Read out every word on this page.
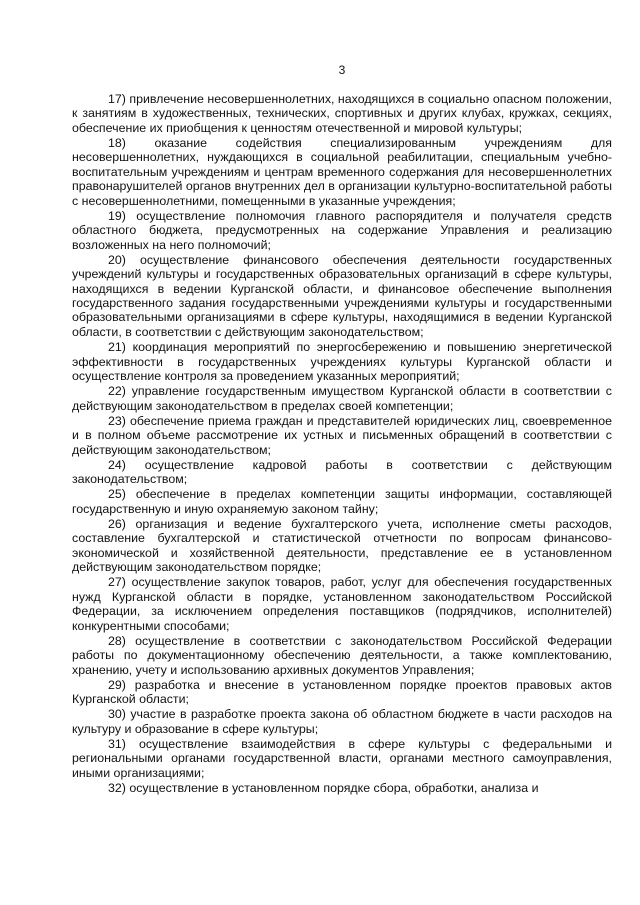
3

17) привлечение несовершеннолетних, находящихся в социально опасном положении, к занятиям в художественных, технических, спортивных и других клубах, кружках, секциях, обеспечение их приобщения к ценностям отечественной и мировой культуры;

18) оказание содействия специализированным учреждениям для несовершеннолетних, нуждающихся в социальной реабилитации, специальным учебно-воспитательным учреждениям и центрам временного содержания для несовершеннолетних правонарушителей органов внутренних дел в организации культурно-воспитательной работы с несовершеннолетними, помещенными в указанные учреждения;

19) осуществление полномочия главного распорядителя и получателя средств областного бюджета, предусмотренных на содержание Управления и реализацию возложенных на него полномочий;

20) осуществление финансового обеспечения деятельности государственных учреждений культуры и государственных образовательных организаций в сфере культуры, находящихся в ведении Курганской области, и финансовое обеспечение выполнения государственного задания государственными учреждениями культуры и государственными образовательными организациями в сфере культуры, находящимися в ведении Курганской области, в соответствии с действующим законодательством;

21) координация мероприятий по энергосбережению и повышению энергетической эффективности в государственных учреждениях культуры Курганской области и осуществление контроля за проведением указанных мероприятий;

22) управление государственным имуществом Курганской области в соответствии с действующим законодательством в пределах своей компетенции;

23) обеспечение приема граждан и представителей юридических лиц, своевременное и в полном объеме рассмотрение их устных и письменных обращений в соответствии с действующим законодательством;

24) осуществление кадровой работы в соответствии с действующим законодательством;

25) обеспечение в пределах компетенции защиты информации, составляющей государственную и иную охраняемую законом тайну;

26) организация и ведение бухгалтерского учета, исполнение сметы расходов, составление бухгалтерской и статистической отчетности по вопросам финансово-экономической и хозяйственной деятельности, представление ее в установленном действующим законодательством порядке;

27) осуществление закупок товаров, работ, услуг для обеспечения государственных нужд Курганской области в порядке, установленном законодательством Российской Федерации, за исключением определения поставщиков (подрядчиков, исполнителей) конкурентными способами;

28) осуществление в соответствии с законодательством Российской Федерации работы по документационному обеспечению деятельности, а также комплектованию, хранению, учету и использованию архивных документов Управления;

29) разработка и внесение в установленном порядке проектов правовых актов Курганской области;

30) участие в разработке проекта закона об областном бюджете в части расходов на культуру и образование в сфере культуры;

31) осуществление взаимодействия в сфере культуры с федеральными и региональными органами государственной власти, органами местного самоуправления, иными организациями;

32) осуществление в установленном порядке сбора, обработки, анализа и
